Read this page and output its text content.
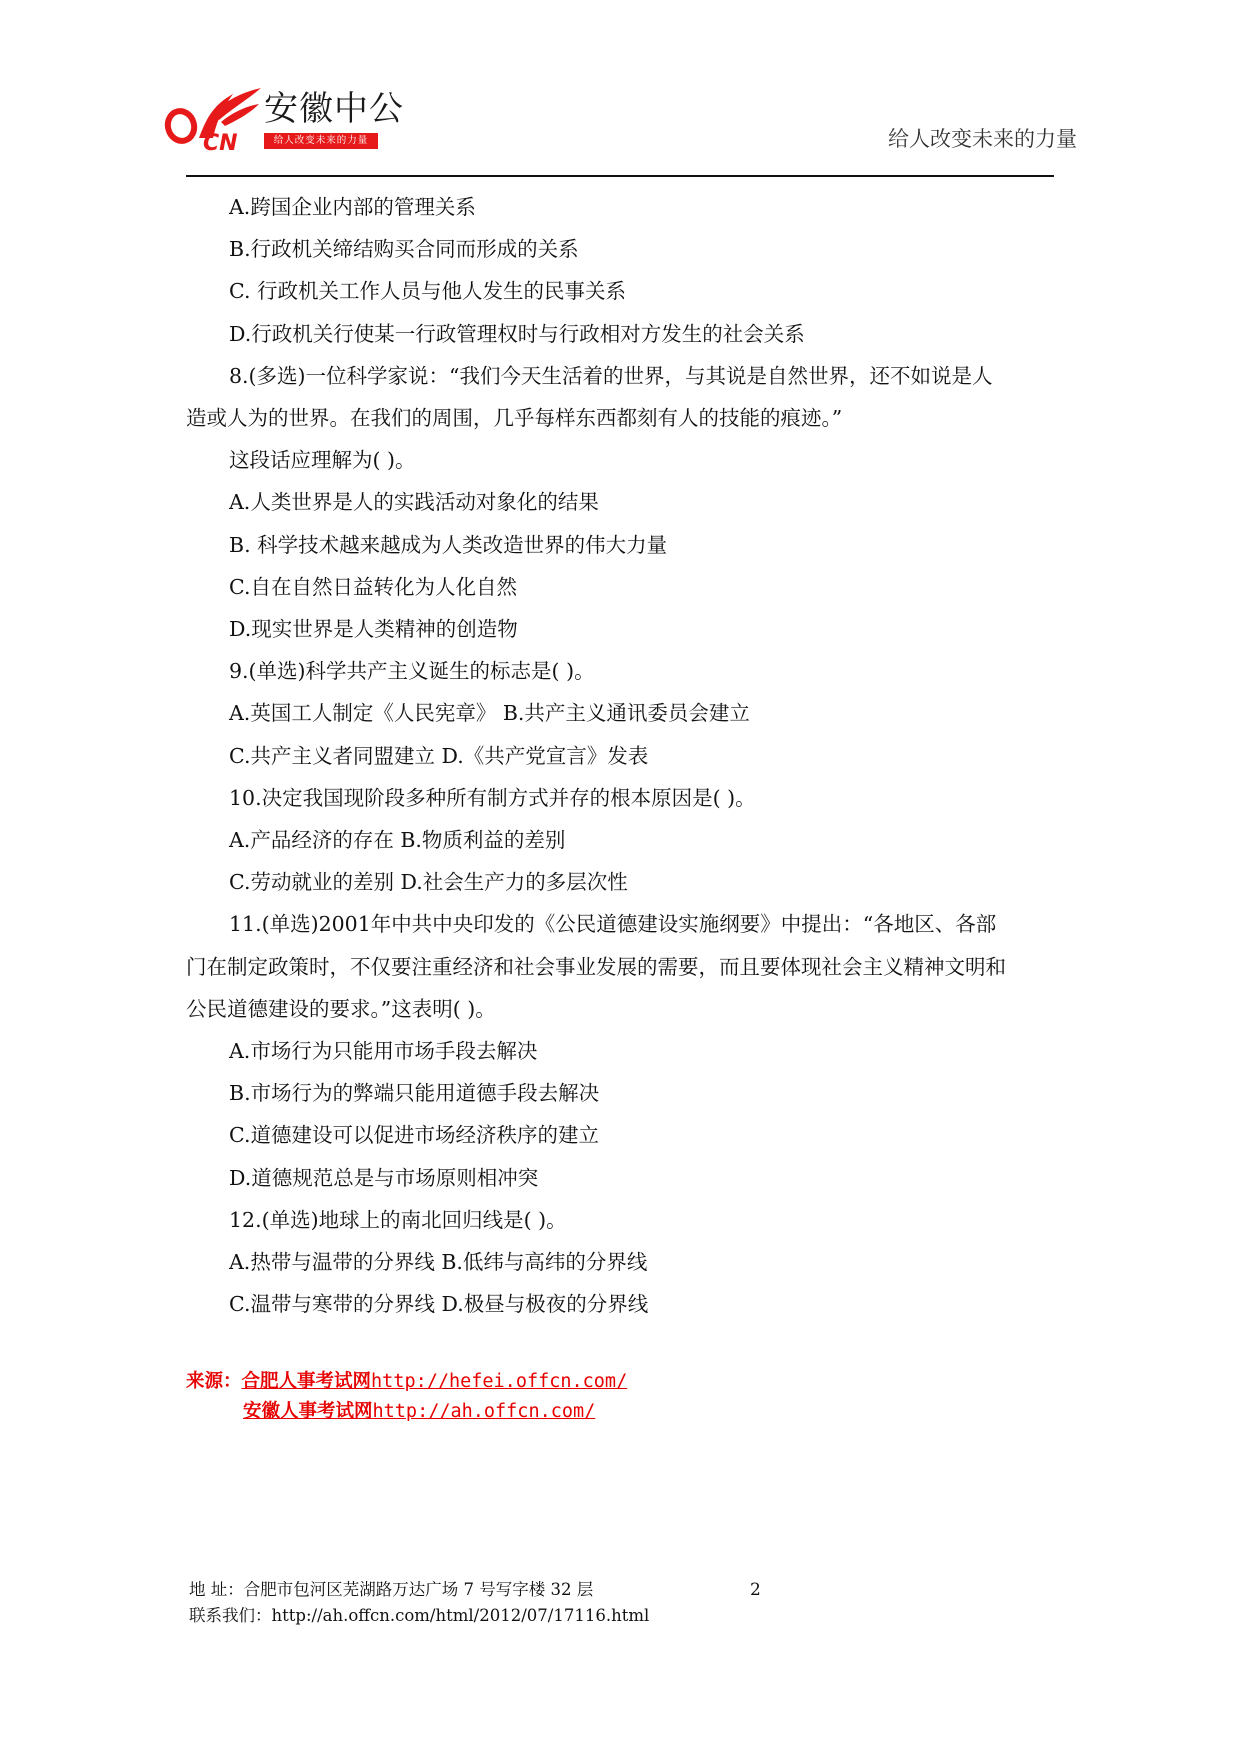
CN
安徽中公
给人改变未来的力量	给人改变未来的力量
A.跨国企业内部的管理关系
B.行政机关缔结购买合同而形成的关系
C. 行政机关工作人员与他人发生的民事关系
D.行政机关行使某一行政管理权时与行政相对方发生的社会关系
8.(多选)一位科学家说：“我们今天生活着的世界，与其说是自然世界，还不如说是人
造或人为的世界。在我们的周围，几乎每样东西都刻有人的技能的痕迹。”
这段话应理解为( )。
A.人类世界是人的实践活动对象化的结果
B. 科学技术越来越成为人类改造世界的伟大力量
C.自在自然日益转化为人化自然
D.现实世界是人类精神的创造物
9.(单选)科学共产主义诞生的标志是( )。
A.英国工人制定《人民宪章》 B.共产主义通讯委员会建立
C.共产主义者同盟建立 D.《共产党宣言》发表
10.决定我国现阶段多种所有制方式并存的根本原因是( )。
A.产品经济的存在 B.物质利益的差别
C.劳动就业的差别 D.社会生产力的多层次性
11.(单选)2001年中共中央印发的《公民道德建设实施纲要》中提出：“各地区、各部
门在制定政策时，不仅要注重经济和社会事业发展的需要，而且要体现社会主义精神文明和
公民道德建设的要求。”这表明( )。
A.市场行为只能用市场手段去解决
B.市场行为的弊端只能用道德手段去解决
C.道德建设可以促进市场经济秩序的建立
D.道德规范总是与市场原则相冲突
12.(单选)地球上的南北回归线是( )。
A.热带与温带的分界线 B.低纬与高纬的分界线
C.温带与寒带的分界线 D.极昼与极夜的分界线
来源：合肥人事考试网http://hefei.offcn.com/
安徽人事考试网http://ah.offcn.com/
地 址：合肥市包河区芜湖路万达广场 7 号写字楼 32 层
联系我们：http://ah.offcn.com/html/2012/07/17116.html
2
